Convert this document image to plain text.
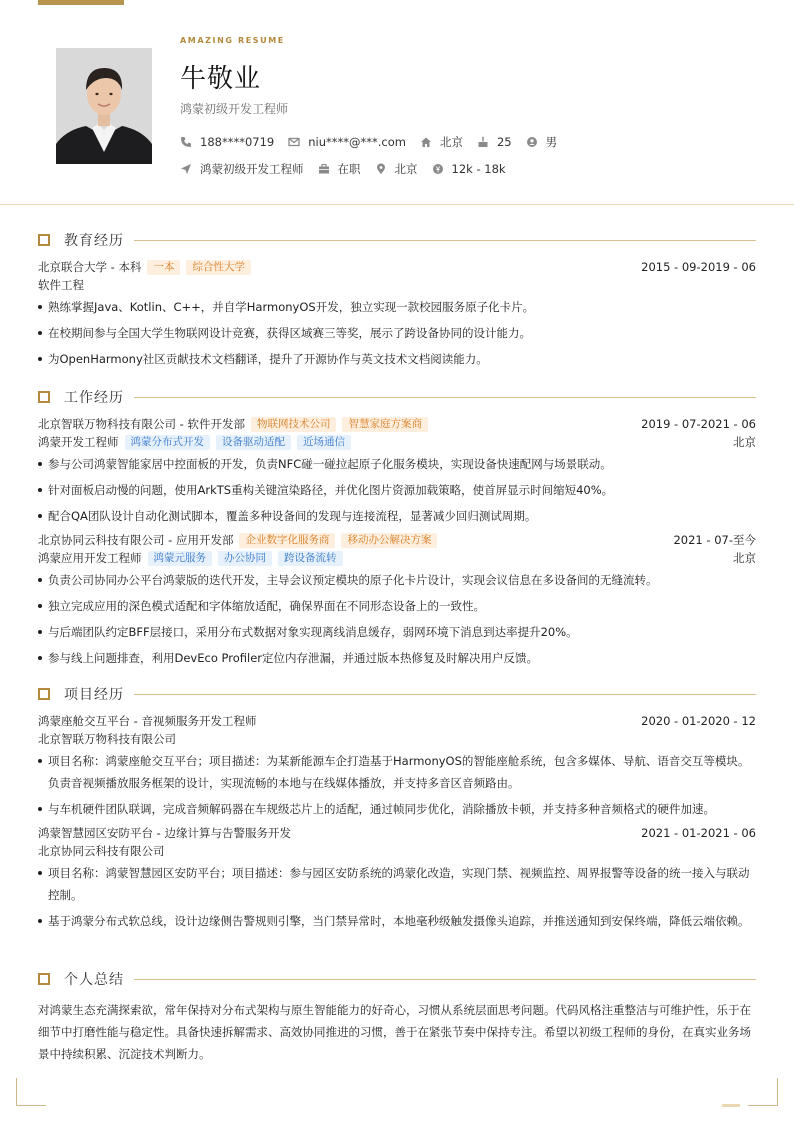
AMAZING RESUME
牛敬业
鸿蒙初级开发工程师
188****0719	niu****@***.com	北京	25	男
鸿蒙初级开发工程师	在职	北京	12k - 18k
教育经历
北京联合大学 - 本科	一本	综合性大学	2015 - 09-2019 - 06
软件工程
熟练掌握Java、Kotlin、C++，并自学HarmonyOS开发，独立实现一款校园服务原子化卡片。
在校期间参与全国大学生物联网设计竞赛，获得区域赛三等奖，展示了跨设备协同的设计能力。
为OpenHarmony社区贡献技术文档翻译，提升了开源协作与英文技术文档阅读能力。
工作经历
北京智联万物科技有限公司 - 软件开发部	物联网技术公司	智慧家庭方案商	2019 - 07-2021 - 06
鸿蒙开发工程师	鸿蒙分布式开发	设备驱动适配	近场通信	北京
参与公司鸿蒙智能家居中控面板的开发，负责NFC碰一碰拉起原子化服务模块，实现设备快速配网与场景联动。
针对面板启动慢的问题，使用ArkTS重构关键渲染路径，并优化图片资源加载策略，使首屏显示时间缩短40%。
配合QA团队设计自动化测试脚本，覆盖多种设备间的发现与连接流程，显著减少回归测试周期。
北京协同云科技有限公司 - 应用开发部	企业数字化服务商	移动办公解决方案	2021 - 07-至今
鸿蒙应用开发工程师	鸿蒙元服务	办公协同	跨设备流转	北京
负责公司协同办公平台鸿蒙版的迭代开发，主导会议预定模块的原子化卡片设计，实现会议信息在多设备间的无缝流转。
独立完成应用的深色模式适配和字体缩放适配，确保界面在不同形态设备上的一致性。
与后端团队约定BFF层接口，采用分布式数据对象实现离线消息缓存，弱网环境下消息到达率提升20%。
参与线上问题排查，利用DevEco Profiler定位内存泄漏，并通过版本热修复及时解决用户反馈。
项目经历
鸿蒙座舱交互平台 - 音视频服务开发工程师	2020 - 01-2020 - 12
北京智联万物科技有限公司
项目名称：鸿蒙座舱交互平台；项目描述：为某新能源车企打造基于HarmonyOS的智能座舱系统，包含多媒体、导航、语音交互等模块。负责音视频播放服务框架的设计，实现流畅的本地与在线媒体播放，并支持多音区音频路由。
与车机硬件团队联调，完成音频解码器在车规级芯片上的适配，通过帧同步优化，消除播放卡顿，并支持多种音频格式的硬件加速。
鸿蒙智慧园区安防平台 - 边缘计算与告警服务开发	2021 - 01-2021 - 06
北京协同云科技有限公司
项目名称：鸿蒙智慧园区安防平台；项目描述：参与园区安防系统的鸿蒙化改造，实现门禁、视频监控、周界报警等设备的统一接入与联动控制。
基于鸿蒙分布式软总线，设计边缘侧告警规则引擎，当门禁异常时，本地毫秒级触发摄像头追踪，并推送通知到安保终端，降低云端依赖。
个人总结

对鸿蒙生态充满探索欲，常年保持对分布式架构与原生智能能力的好奇心，习惯从系统层面思考问题。代码风格注重整洁与可维护性，乐于在细节中打磨性能与稳定性。具备快速拆解需求、高效协同推进的习惯，善于在紧张节奏中保持专注。希望以初级工程师的身份，在真实业务场景中持续积累、沉淀技术判断力。
